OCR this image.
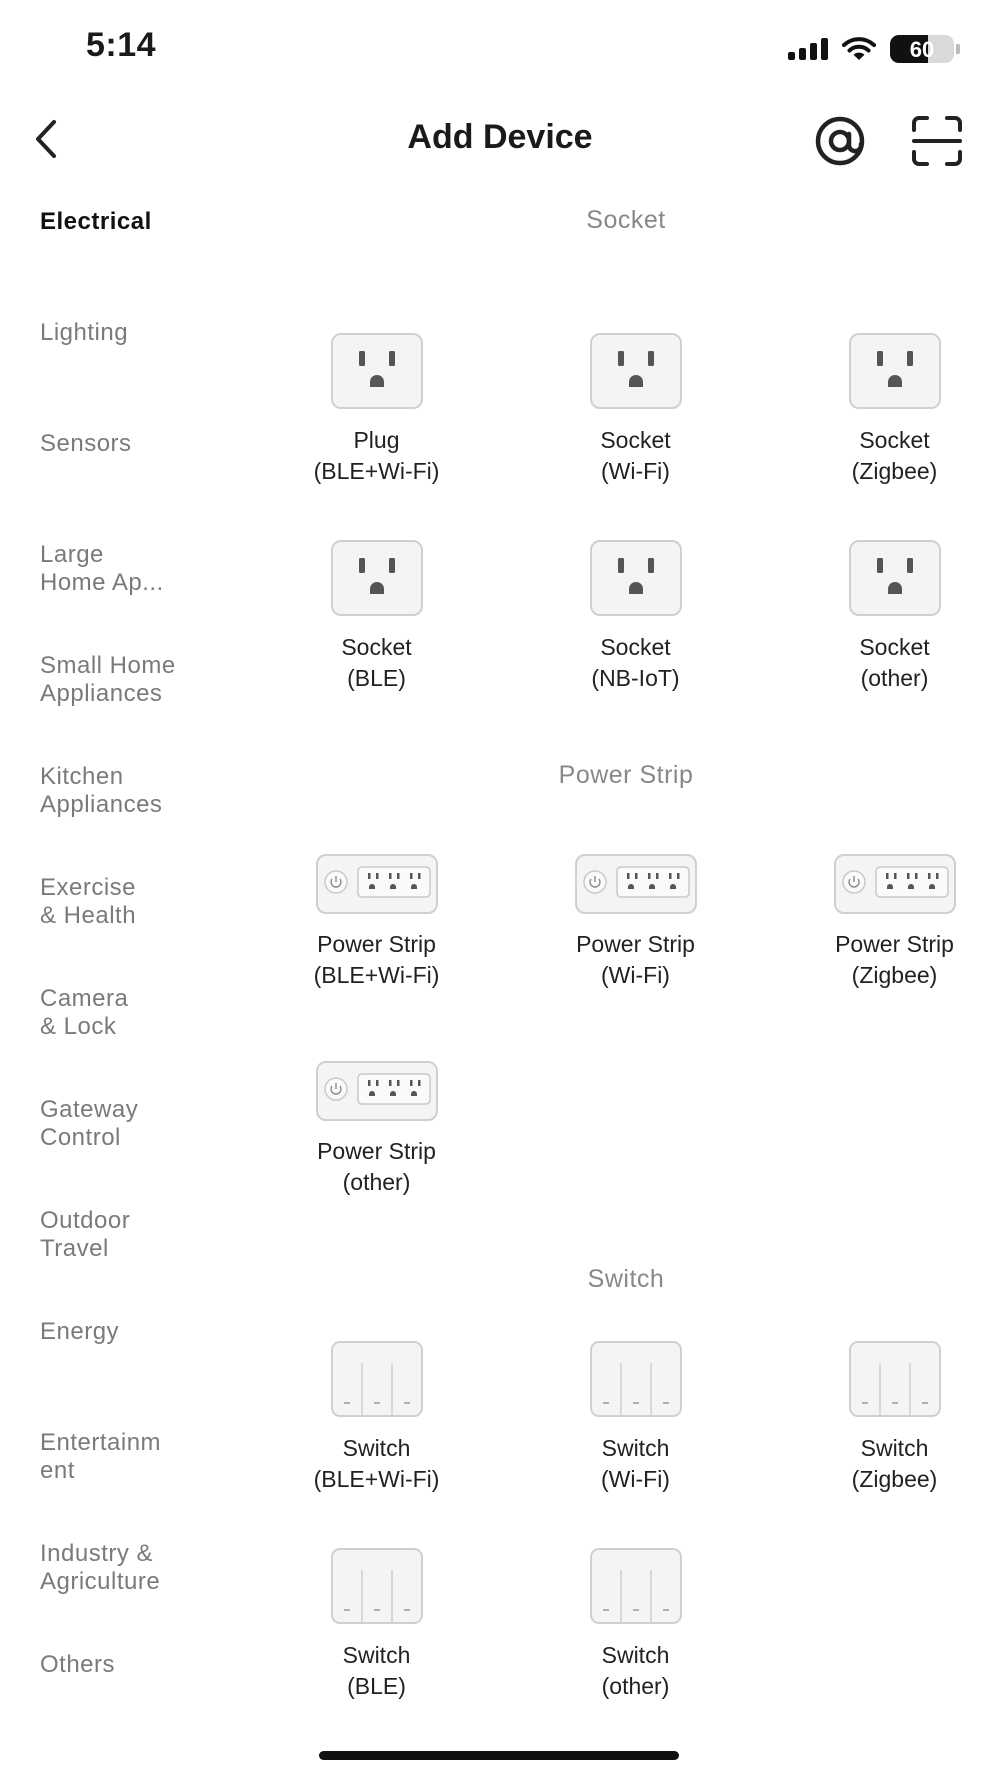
5:14	60
Add Device
Electrical
Lighting
Sensors
Large
Home Ap...
Small Home
Appliances
Kitchen
Appliances
Exercise
& Health
Camera
& Lock
Gateway
Control
Outdoor
Travel
Energy
Entertainm
ent
Industry &
Agriculture
Others
Socket
Plug
(BLE+Wi-Fi)
Socket
(Wi-Fi)
Socket
(Zigbee)
Socket
(BLE)
Socket
(NB-IoT)
Socket
(other)
Power Strip
Power Strip
(BLE+Wi-Fi)
Power Strip
(Wi-Fi)
Power Strip
(Zigbee)
Power Strip
(other)
Switch
Switch
(BLE+Wi-Fi)
Switch
(Wi-Fi)
Switch
(Zigbee)
Switch
(BLE)
Switch
(other)
